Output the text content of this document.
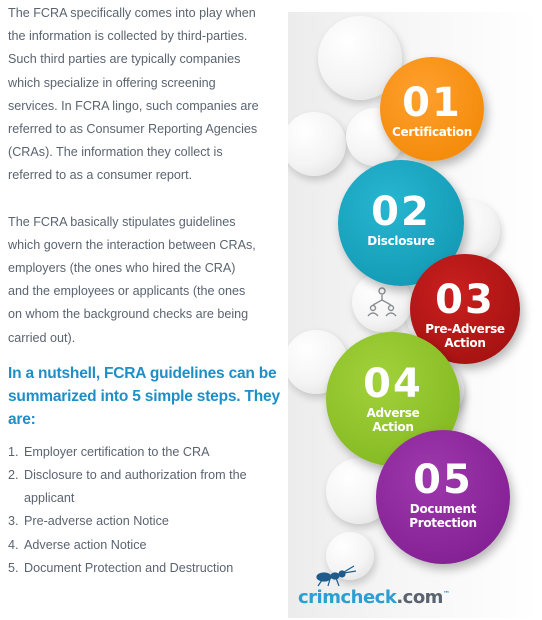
The FCRA specifically comes into play when
the information is collected by third-parties.
Such third parties are typically companies
which specialize in offering screening
services. In FCRA lingo, such companies are
referred to as Consumer Reporting Agencies
(CRAs). The information they collect is
referred to as a consumer report.

The FCRA basically stipulates guidelines
which govern the interaction between CRAs,
employers (the ones who hired the CRA)
and the employees or applicants (the ones
on whom the background checks are being
carried out).

In a nutshell, FCRA guidelines can be
summarized into 5 simple steps. They
are:
1. Employer certification to the CRA
2. Disclosure to and authorization from the
applicant
3. Pre-adverse action Notice
4. Adverse action Notice
5. Document Protection and Destruction
01
Certification
02
Disclosure
03
Pre-Adverse
Action
04
Adverse
Action
05
Document
Protection
crimcheck.com™
